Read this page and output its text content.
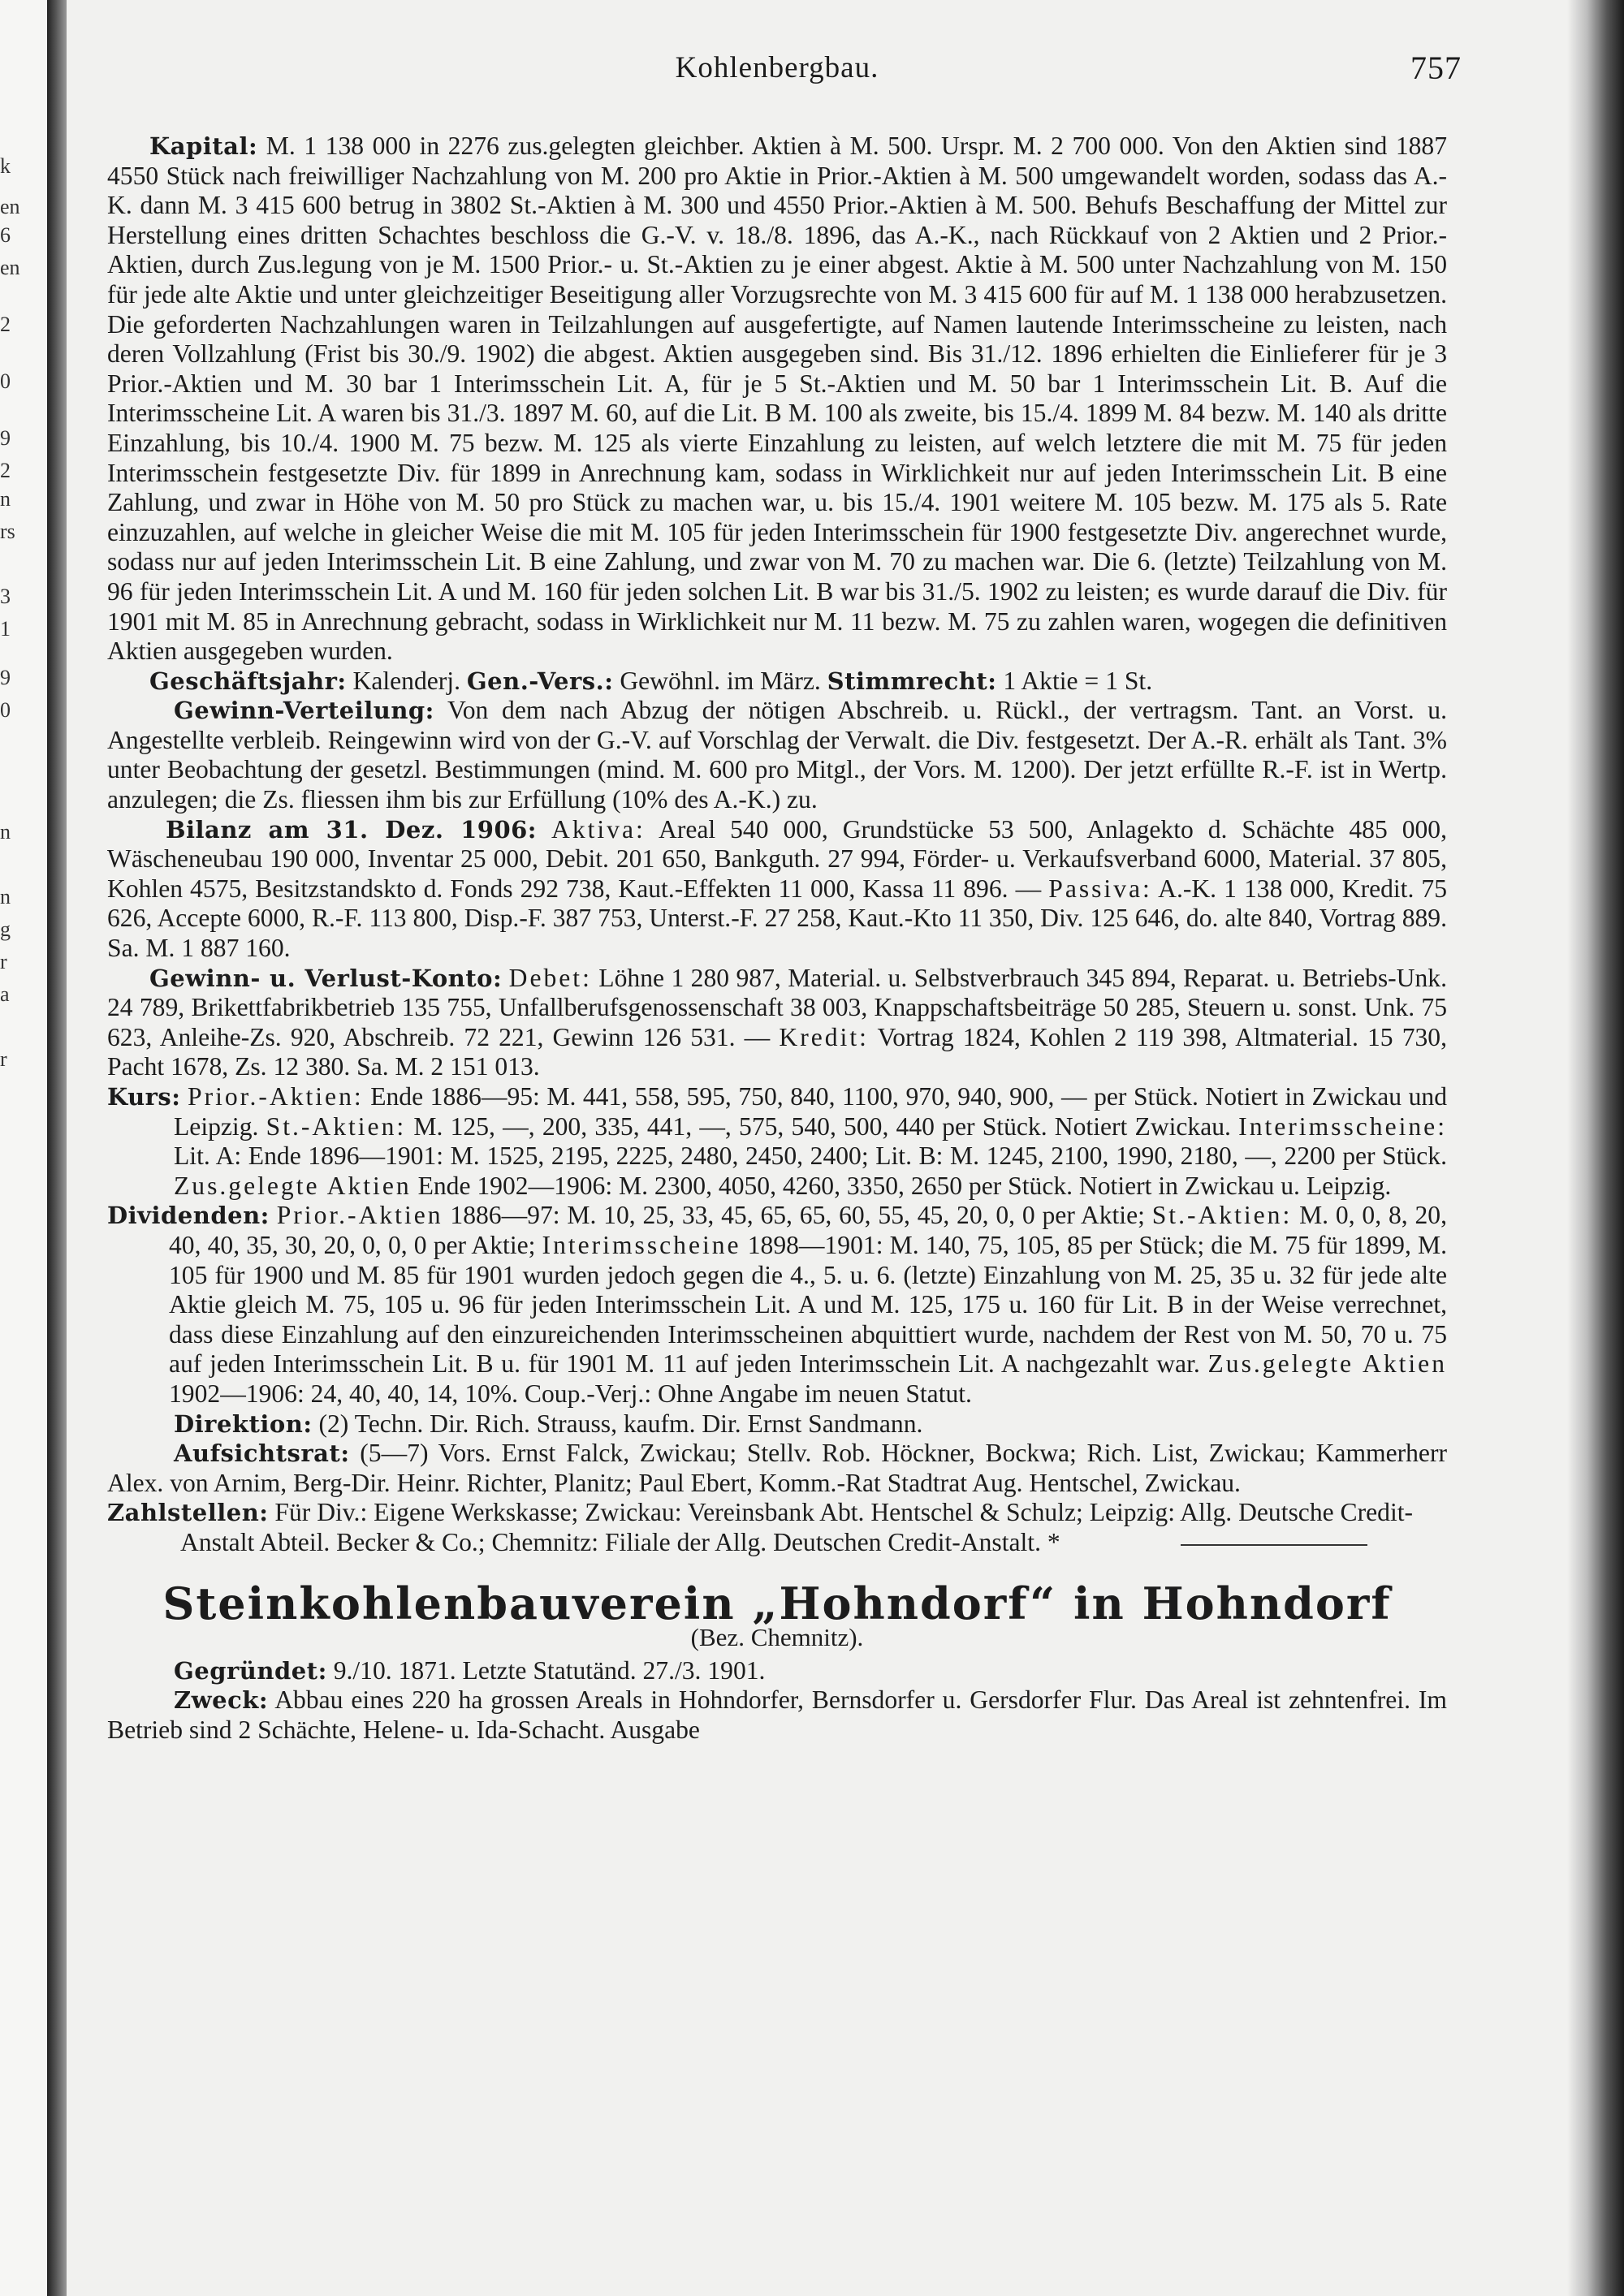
k
en
6
en
2
0
9
2
n
rs
3
1
9
0
n
n
g
r
a
r
Kohlenbergbau.	757

Kapital: M. 1 138 000 in 2276 zus.gelegten gleichber. Aktien à M. 500. Urspr. M. 2 700 000. Von den Aktien sind 1887 4550 Stück nach freiwilliger Nachzahlung von M. 200 pro Aktie in Prior.-Aktien à M. 500 umgewandelt worden, sodass das A.-K. dann M. 3 415 600 betrug in 3802 St.-Aktien à M. 300 und 4550 Prior.-Aktien à M. 500. Behufs Beschaffung der Mittel zur Herstellung eines dritten Schachtes beschloss die G.-V. v. 18./8. 1896, das A.-K., nach Rückkauf von 2 Aktien und 2 Prior.-Aktien, durch Zus.legung von je M. 1500 Prior.- u. St.-Aktien zu je einer abgest. Aktie à M. 500 unter Nachzahlung von M. 150 für jede alte Aktie und unter gleichzeitiger Beseitigung aller Vorzugsrechte von M. 3 415 600 für auf M. 1 138 000 herabzusetzen. Die geforderten Nachzahlungen waren in Teilzahlungen auf ausgefertigte, auf Namen lautende Interimsscheine zu leisten, nach deren Vollzahlung (Frist bis 30./9. 1902) die abgest. Aktien ausgegeben sind. Bis 31./12. 1896 erhielten die Einlieferer für je 3 Prior.-Aktien und M. 30 bar 1 Interimsschein Lit. A, für je 5 St.-Aktien und M. 50 bar 1 Interimsschein Lit. B. Auf die Interimsscheine Lit. A waren bis 31./3. 1897 M. 60, auf die Lit. B M. 100 als zweite, bis 15./4. 1899 M. 84 bezw. M. 140 als dritte Einzahlung, bis 10./4. 1900 M. 75 bezw. M. 125 als vierte Einzahlung zu leisten, auf welch letztere die mit M. 75 für jeden Interimsschein festgesetzte Div. für 1899 in Anrechnung kam, sodass in Wirklichkeit nur auf jeden Interimsschein Lit. B eine Zahlung, und zwar in Höhe von M. 50 pro Stück zu machen war, u. bis 15./4. 1901 weitere M. 105 bezw. M. 175 als 5. Rate einzuzahlen, auf welche in gleicher Weise die mit M. 105 für jeden Interimsschein für 1900 festgesetzte Div. angerechnet wurde, sodass nur auf jeden Interimsschein Lit. B eine Zahlung, und zwar von M. 70 zu machen war. Die 6. (letzte) Teilzahlung von M. 96 für jeden Interimsschein Lit. A und M. 160 für jeden solchen Lit. B war bis 31./5. 1902 zu leisten; es wurde darauf die Div. für 1901 mit M. 85 in Anrechnung gebracht, sodass in Wirklichkeit nur M. 11 bezw. M. 75 zu zahlen waren, wogegen die definitiven Aktien ausgegeben wurden.

Geschäftsjahr: Kalenderj. Gen.-Vers.: Gewöhnl. im März. Stimmrecht: 1 Aktie = 1 St.

Gewinn-Verteilung: Von dem nach Abzug der nötigen Abschreib. u. Rückl., der vertragsm. Tant. an Vorst. u. Angestellte verbleib. Reingewinn wird von der G.-V. auf Vorschlag der Verwalt. die Div. festgesetzt. Der A.-R. erhält als Tant. 3% unter Beobachtung der gesetzl. Bestimmungen (mind. M. 600 pro Mitgl., der Vors. M. 1200). Der jetzt erfüllte R.-F. ist in Wertp. anzulegen; die Zs. fliessen ihm bis zur Erfüllung (10% des A.-K.) zu.

Bilanz am 31. Dez. 1906: Aktiva: Areal 540 000, Grundstücke 53 500, Anlagekto d. Schächte 485 000, Wäscheneubau 190 000, Inventar 25 000, Debit. 201 650, Bankguth. 27 994, Förder- u. Verkaufsverband 6000, Material. 37 805, Kohlen 4575, Besitzstandskto d. Fonds 292 738, Kaut.-Effekten 11 000, Kassa 11 896. — Passiva: A.-K. 1 138 000, Kredit. 75 626, Accepte 6000, R.-F. 113 800, Disp.-F. 387 753, Unterst.-F. 27 258, Kaut.-Kto 11 350, Div. 125 646, do. alte 840, Vortrag 889. Sa. M. 1 887 160.

Gewinn- u. Verlust-Konto: Debet: Löhne 1 280 987, Material. u. Selbstverbrauch 345 894, Reparat. u. Betriebs-Unk. 24 789, Brikettfabrikbetrieb 135 755, Unfallberufsgenossenschaft 38 003, Knappschaftsbeiträge 50 285, Steuern u. sonst. Unk. 75 623, Anleihe-Zs. 920, Abschreib. 72 221, Gewinn 126 531. — Kredit: Vortrag 1824, Kohlen 2 119 398, Altmaterial. 15 730, Pacht 1678, Zs. 12 380. Sa. M. 2 151 013.

Kurs: Prior.-Aktien: Ende 1886—95: M. 441, 558, 595, 750, 840, 1100, 970, 940, 900, — per Stück. Notiert in Zwickau und Leipzig. St.-Aktien: M. 125, —, 200, 335, 441, —, 575, 540, 500, 440 per Stück. Notiert Zwickau. Interimsscheine: Lit. A: Ende 1896—1901: M. 1525, 2195, 2225, 2480, 2450, 2400; Lit. B: M. 1245, 2100, 1990, 2180, —, 2200 per Stück. Zus.gelegte Aktien Ende 1902—1906: M. 2300, 4050, 4260, 3350, 2650 per Stück. Notiert in Zwickau u. Leipzig.

Dividenden: Prior.-Aktien 1886—97: M. 10, 25, 33, 45, 65, 65, 60, 55, 45, 20, 0, 0 per Aktie; St.-Aktien: M. 0, 0, 8, 20, 40, 40, 35, 30, 20, 0, 0, 0 per Aktie; Interimsscheine 1898—1901: M. 140, 75, 105, 85 per Stück; die M. 75 für 1899, M. 105 für 1900 und M. 85 für 1901 wurden jedoch gegen die 4., 5. u. 6. (letzte) Einzahlung von M. 25, 35 u. 32 für jede alte Aktie gleich M. 75, 105 u. 96 für jeden Interimsschein Lit. A und M. 125, 175 u. 160 für Lit. B in der Weise verrechnet, dass diese Einzahlung auf den einzureichenden Interimsscheinen abquittiert wurde, nachdem der Rest von M. 50, 70 u. 75 auf jeden Interimsschein Lit. B u. für 1901 M. 11 auf jeden Interimsschein Lit. A nachgezahlt war. Zus.gelegte Aktien 1902—1906: 24, 40, 40, 14, 10%. Coup.-Verj.: Ohne Angabe im neuen Statut.

Direktion: (2) Techn. Dir. Rich. Strauss, kaufm. Dir. Ernst Sandmann.

Aufsichtsrat: (5—7) Vors. Ernst Falck, Zwickau; Stellv. Rob. Höckner, Bockwa; Rich. List, Zwickau; Kammerherr Alex. von Arnim, Berg-Dir. Heinr. Richter, Planitz; Paul Ebert, Komm.-Rat Stadtrat Aug. Hentschel, Zwickau.

Zahlstellen: Für Div.: Eigene Werkskasse; Zwickau: Vereinsbank Abt. Hentschel & Schulz; Leipzig: Allg. Deutsche Credit-Anstalt Abteil. Becker & Co.; Chemnitz: Filiale der Allg. Deutschen Credit-Anstalt. *

Steinkohlenbauverein „Hohndorf“ in Hohndorf
(Bez. Chemnitz).

Gegründet: 9./10. 1871. Letzte Statutänd. 27./3. 1901.

Zweck: Abbau eines 220 ha grossen Areals in Hohndorfer, Bernsdorfer u. Gersdorfer Flur. Das Areal ist zehntenfrei. Im Betrieb sind 2 Schächte, Helene- u. Ida-Schacht. Ausgabe
